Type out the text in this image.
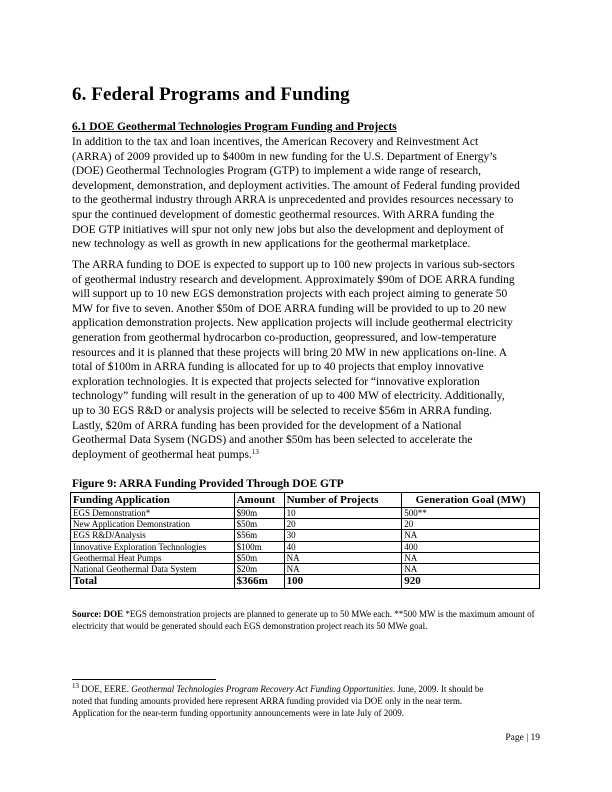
6. Federal Programs and Funding
6.1 DOE Geothermal Technologies Program Funding and Projects

In addition to the tax and loan incentives, the American Recovery and Reinvestment Act
(ARRA) of 2009 provided up to $400m in new funding for the U.S. Department of Energy’s
(DOE) Geothermal Technologies Program (GTP) to implement a wide range of research,
development, demonstration, and deployment activities. The amount of Federal funding provided
to the geothermal industry through ARRA is unprecedented and provides resources necessary to
spur the continued development of domestic geothermal resources. With ARRA funding the
DOE GTP initiatives will spur not only new jobs but also the development and deployment of
new technology as well as growth in new applications for the geothermal marketplace.

The ARRA funding to DOE is expected to support up to 100 new projects in various sub-sectors
of geothermal industry research and development. Approximately $90m of DOE ARRA funding
will support up to 10 new EGS demonstration projects with each project aiming to generate 50
MW for five to seven. Another $50m of DOE ARRA funding will be provided to up to 20 new
application demonstration projects. New application projects will include geothermal electricity
generation from geothermal hydrocarbon co-production, geopressured, and low-temperature
resources and it is planned that these projects will bring 20 MW in new applications on-line. A
total of $100m in ARRA funding is allocated for up to 40 projects that employ innovative
exploration technologies. It is expected that projects selected for “innovative exploration
technology” funding will result in the generation of up to 400 MW of electricity. Additionally,
up to 30 EGS R&D or analysis projects will be selected to receive $56m in ARRA funding.
Lastly, $20m of ARRA funding has been provided for the development of a National
Geothermal Data Sysem (NGDS) and another $50m has been selected to accelerate the
deployment of geothermal heat pumps.$^{13}$

Figure 9: ARRA Funding Provided Through DOE GTP

Funding Application	Amount	Number of Projects	Generation Goal (MW)
EGS Demonstration*	$90m	10	500**
New Application Demonstration	$50m	20	20
EGS R&D/Analysis	$56m	30	NA
Innovative Exploration Technologies	$100m	40	400
Geothermal Heat Pumps	$50m	NA	NA
National Geothermal Data System	$20m	NA	NA
Total	$366m	100	920

Source: DOE *EGS demonstration projects are planned to generate up to 50 MWe each. **500 MW is the maximum amount of electricity that would be generated should each EGS demonstration project reach its 50 MWe goal.

$^{13}$ DOE, EERE. Geothermal Technologies Program Recovery Act Funding Opportunities. June, 2009. It should be
noted that funding amounts provided here represent ARRA funding provided via DOE only in the near term.
Application for the near-term funding opportunity announcements were in late July of 2009.

Page | 19
